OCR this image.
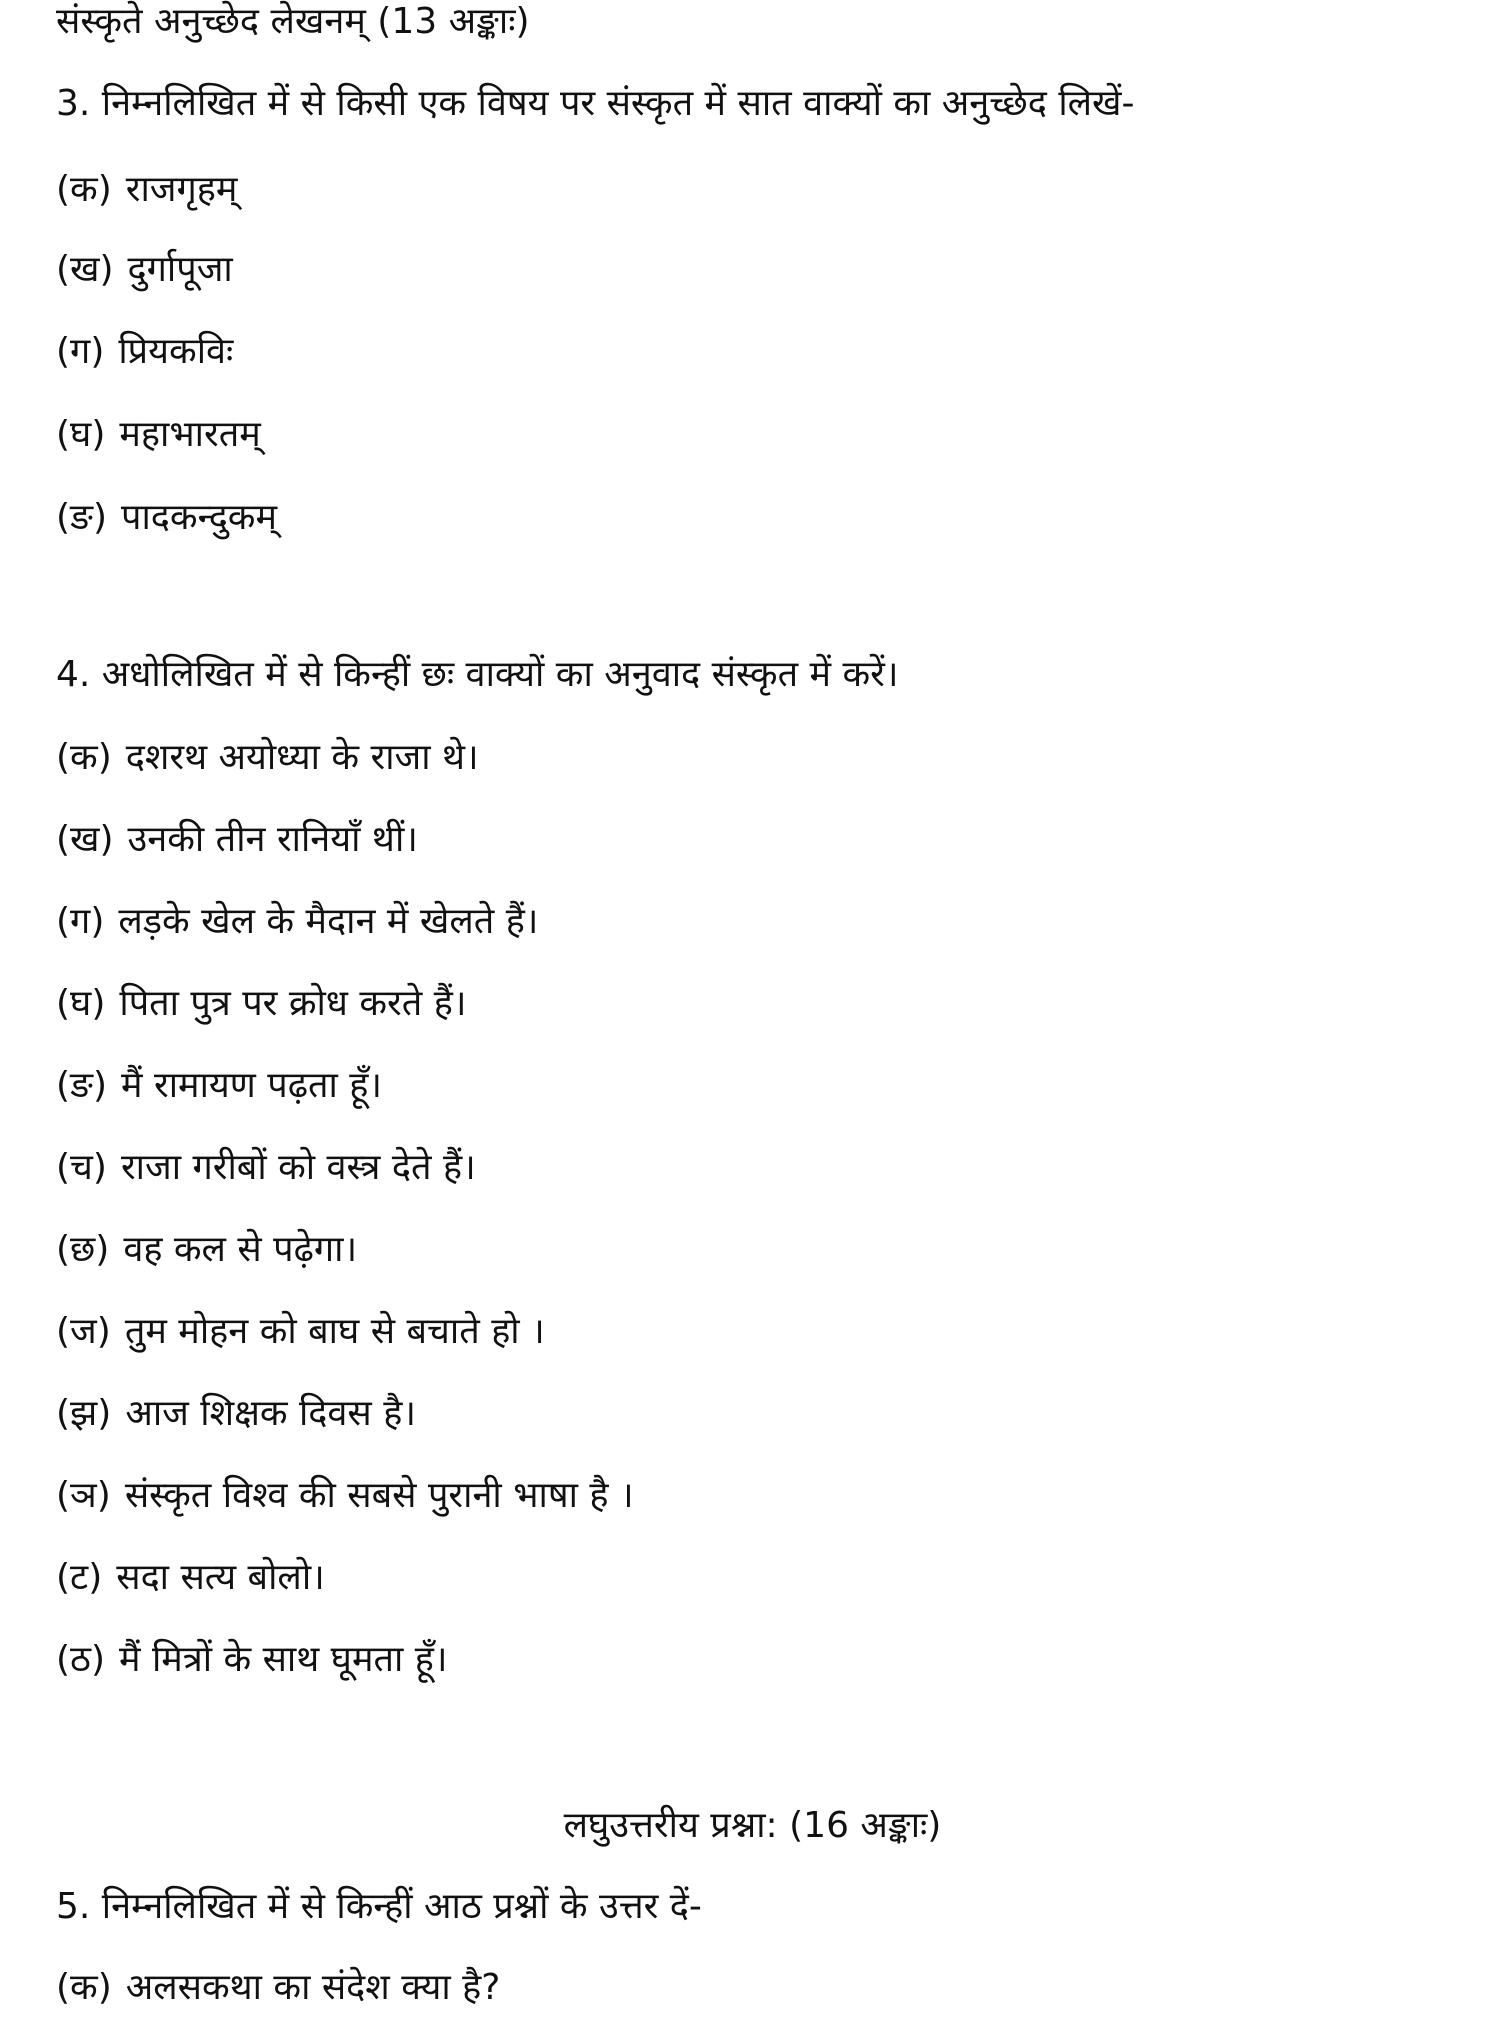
संस्कृते अनुच्छेद लेखनम् (13 अङ्काः)
3. निम्नलिखित में से किसी एक विषय पर संस्कृत में सात वाक्यों का अनुच्छेद लिखें-
(क) राजगृहम्
(ख) दुर्गापूजा
(ग) प्रियकविः
(घ) महाभारतम्
(ङ) पादकन्दुकम्
4. अधोलिखित में से किन्हीं छः वाक्यों का अनुवाद संस्कृत में करें।
(क) दशरथ अयोध्या के राजा थे।
(ख) उनकी तीन रानियाँ थीं।
(ग) लड़के खेल के मैदान में खेलते हैं।
(घ) पिता पुत्र पर क्रोध करते हैं।
(ङ) मैं रामायण पढ़ता हूँ।
(च) राजा गरीबों को वस्त्र देते हैं।
(छ) वह कल से पढ़ेगा।
(ज) तुम मोहन को बाघ से बचाते हो ।
(झ) आज शिक्षक दिवस है।
(ञ) संस्कृत विश्व की सबसे पुरानी भाषा है ।
(ट) सदा सत्य बोलो।
(ठ) मैं मित्रों के साथ घूमता हूँ।
लघुउत्तरीय प्रश्ना: (16 अङ्काः)
5. निम्नलिखित में से किन्हीं आठ प्रश्नों के उत्तर दें-
(क) अलसकथा का संदेश क्या है?
